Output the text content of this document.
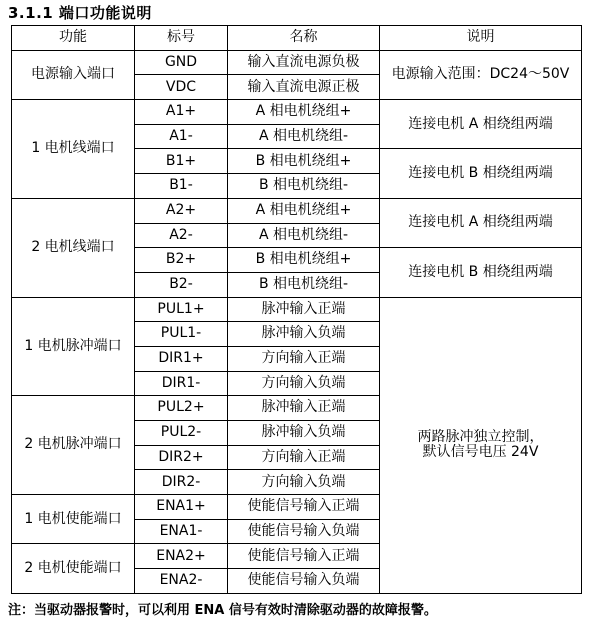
3.1.1 端口功能说明
功能	标号	名称	说明
电源输入端口	GND	输入直流电源负极	电源输入范围：DC24～50V
	VDC	输入直流电源正极	
1 电机线端口	A1+	A 相电机绕组+	连接电机 A 相绕组两端
	A1-	A 相电机绕组-	
	B1+	B 相电机绕组+	连接电机 B 相绕组两端
	B1-	B 相电机绕组-	
2 电机线端口	A2+	A 相电机绕组+	连接电机 A 相绕组两端
	A2-	A 相电机绕组-	
	B2+	B 相电机绕组+	连接电机 B 相绕组两端
	B2-	B 相电机绕组-	
1 电机脉冲端口	PUL1+	脉冲输入正端	两路脉冲独立控制，
默认信号电压 24V
	PUL1-	脉冲输入负端	
	DIR1+	方向输入正端	
	DIR1-	方向输入负端	
2 电机脉冲端口	PUL2+	脉冲输入正端	
	PUL2-	脉冲输入负端	
	DIR2+	方向输入正端	
	DIR2-	方向输入负端	
1 电机使能端口	ENA1+	使能信号输入正端	
	ENA1-	使能信号输入负端	
2 电机使能端口	ENA2+	使能信号输入正端	
	ENA2-	使能信号输入负端	
注：当驱动器报警时，可以利用 ENA 信号有效时清除驱动器的故障报警。
